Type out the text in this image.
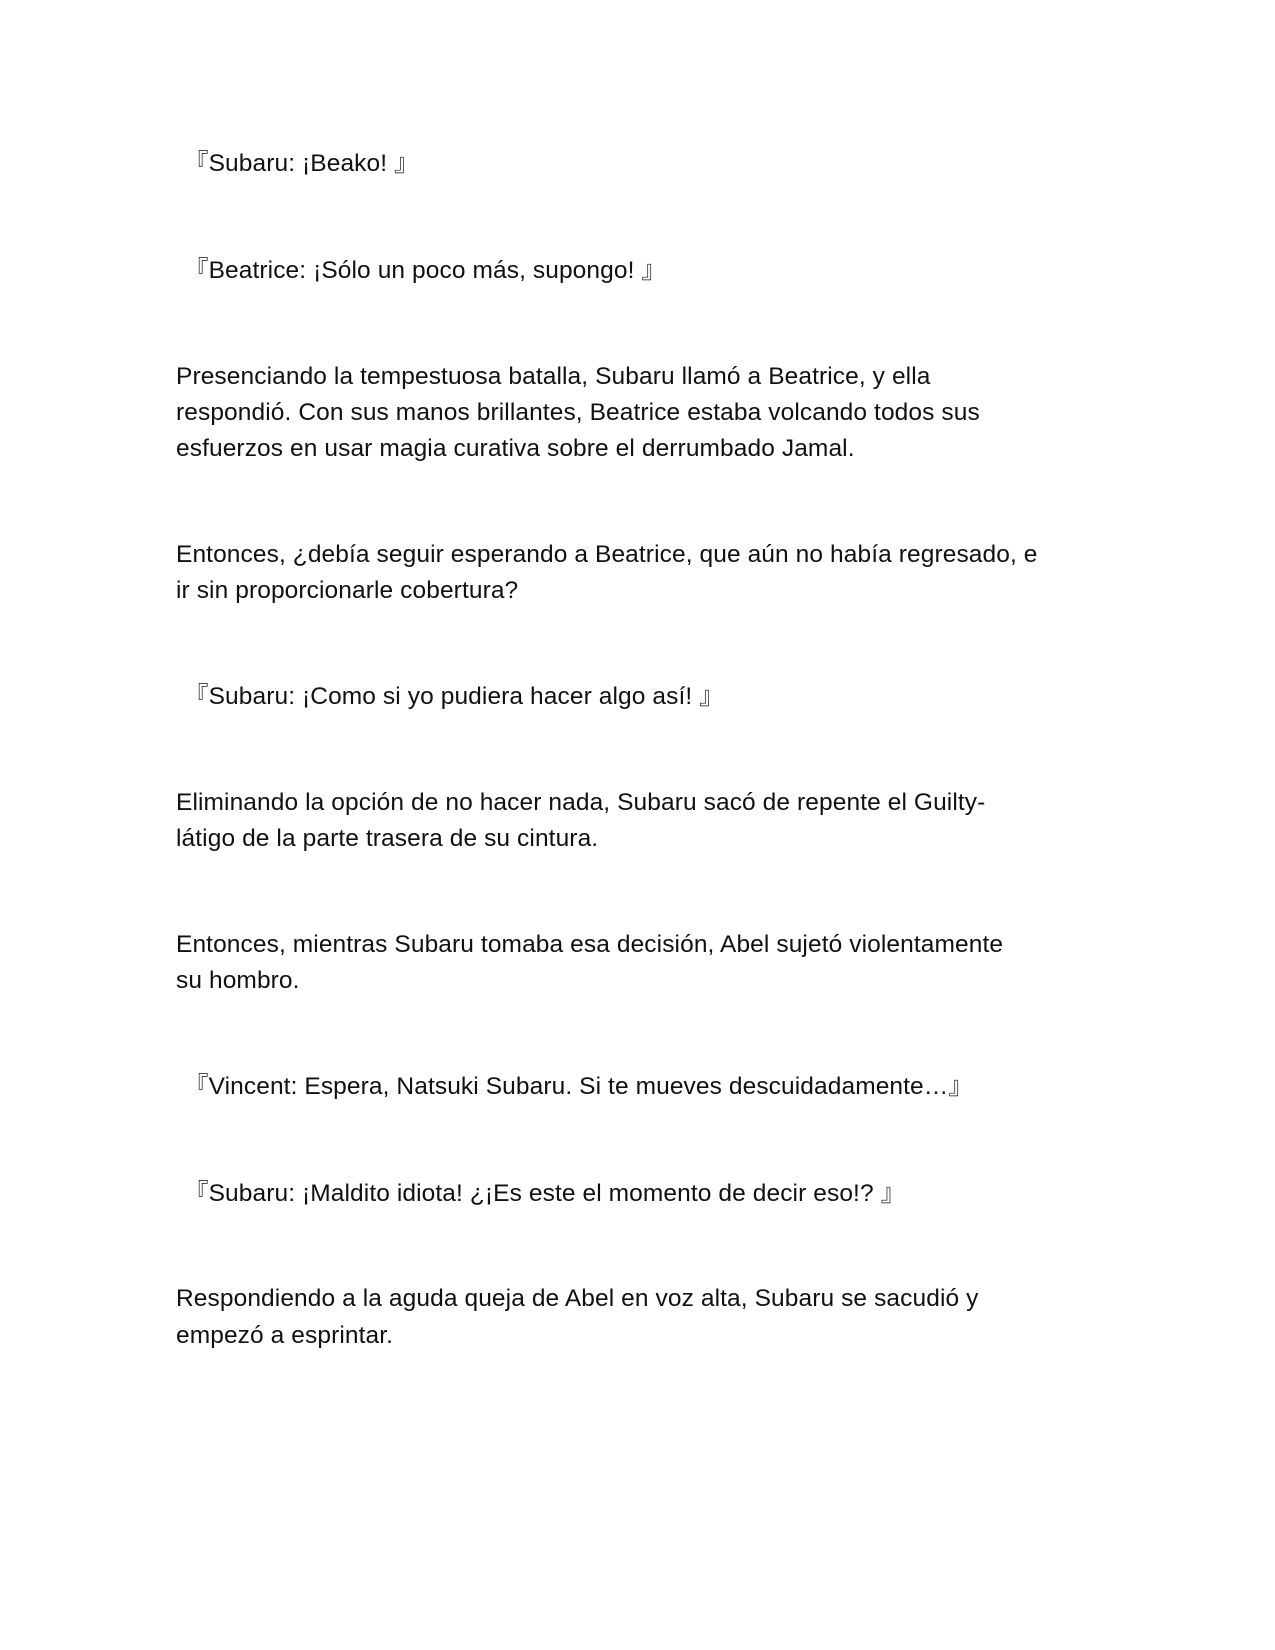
『Subaru: ¡Beako! 』
『Beatrice: ¡Sólo un poco más, supongo! 』
Presenciando la tempestuosa batalla, Subaru llamó a Beatrice, y ella
respondió. Con sus manos brillantes, Beatrice estaba volcando todos sus
esfuerzos en usar magia curativa sobre el derrumbado Jamal.
Entonces, ¿debía seguir esperando a Beatrice, que aún no había regresado, e
ir sin proporcionarle cobertura?
『Subaru: ¡Como si yo pudiera hacer algo así! 』
Eliminando la opción de no hacer nada, Subaru sacó de repente el Guilty-
látigo de la parte trasera de su cintura.
Entonces, mientras Subaru tomaba esa decisión, Abel sujetó violentamente
su hombro.
『Vincent: Espera, Natsuki Subaru. Si te mueves descuidadamente…』
『Subaru: ¡Maldito idiota! ¿¡Es este el momento de decir eso!? 』
Respondiendo a la aguda queja de Abel en voz alta, Subaru se sacudió y
empezó a esprintar.
